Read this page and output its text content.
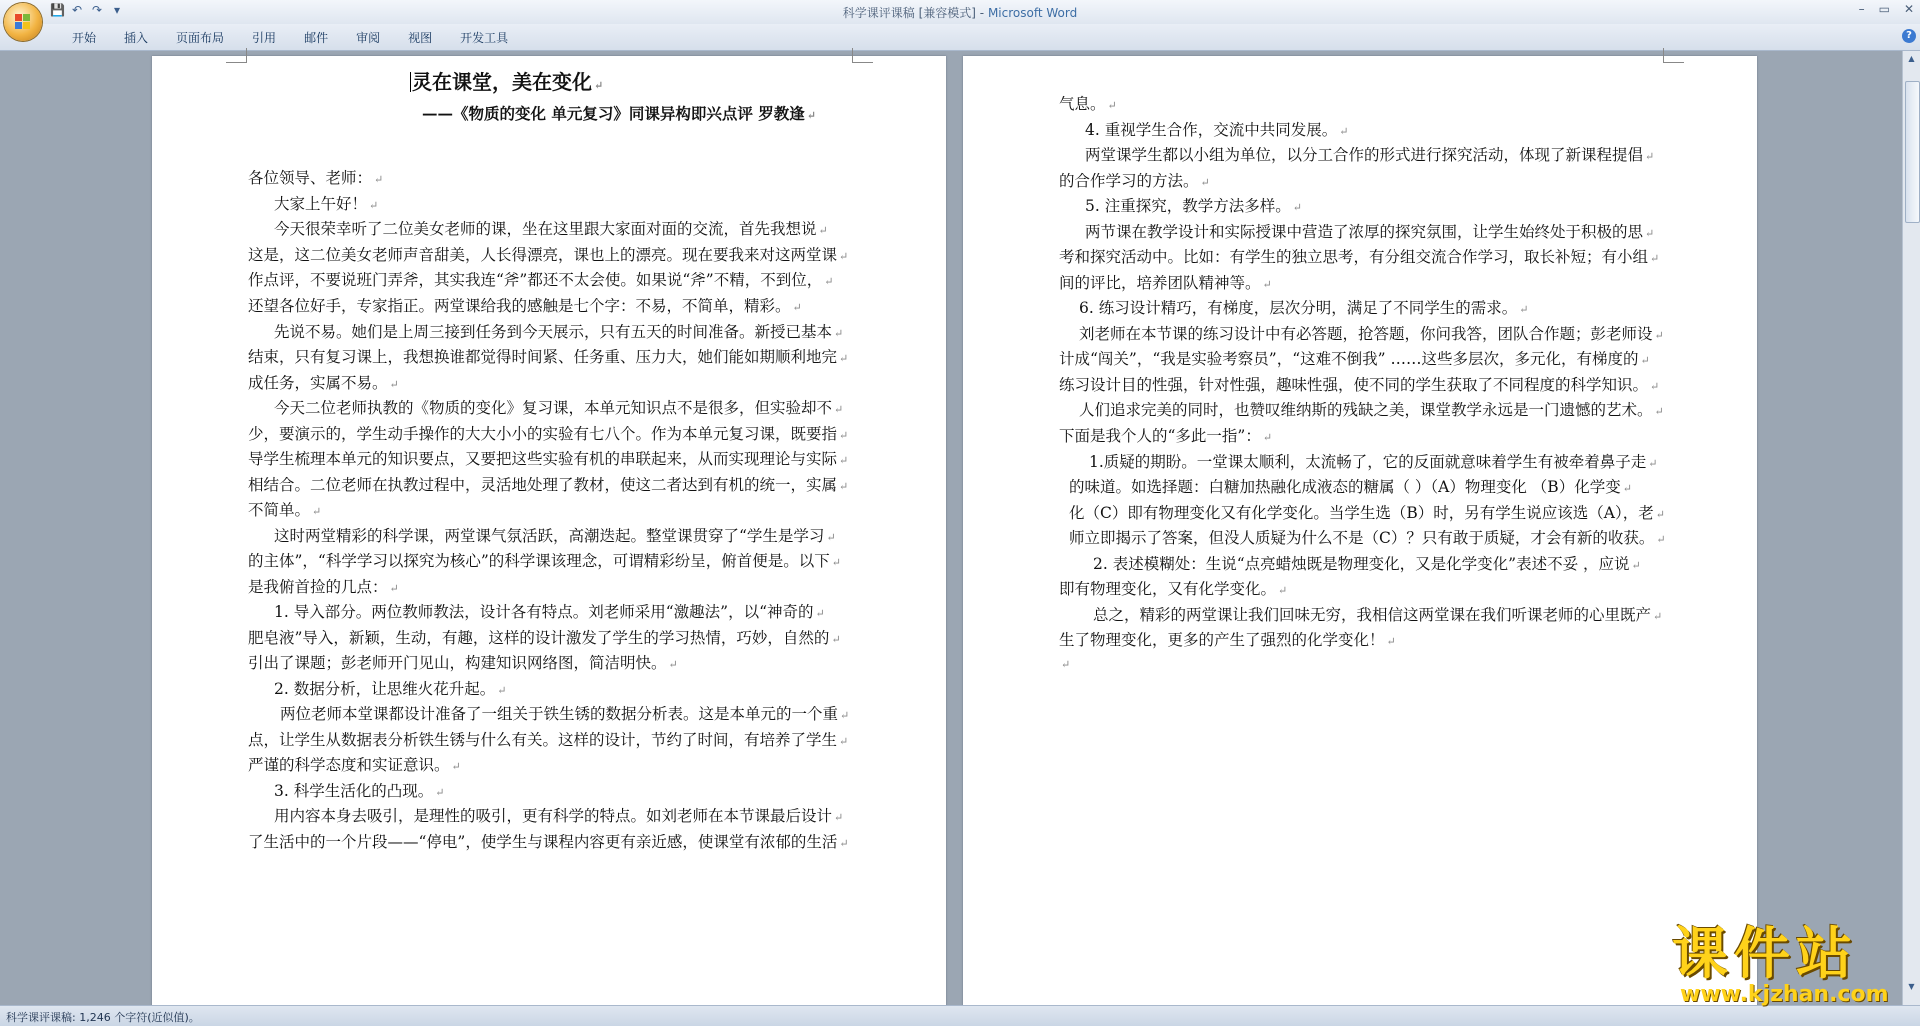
💾 ↶ ↷ ▾	科学课评课稿 [兼容模式] - Microsoft Word	– ▭ ✕
开始	插入	页面布局	引用	邮件	审阅	视图	开发工具	?
灵在课堂，美在变化 ↵
——《物质的变化 单元复习》同课异构即兴点评 罗教逢 ↵
各位领导、老师： ↵
大家上午好！ ↵
今天很荣幸听了二位美女老师的课，坐在这里跟大家面对面的交流，首先我想说 ↵
这是，这二位美女老师声音甜美，人长得漂亮，课也上的漂亮。现在要我来对这两堂课 ↵
作点评，不要说班门弄斧，其实我连“斧”都还不太会使。如果说“斧”不精，不到位， ↵
还望各位好手，专家指正。两堂课给我的感触是七个字：不易，不简单，精彩。 ↵
先说不易。她们是上周三接到任务到今天展示，只有五天的时间准备。新授已基本 ↵
结束，只有复习课上，我想换谁都觉得时间紧、任务重、压力大，她们能如期顺利地完 ↵
成任务，实属不易。 ↵
今天二位老师执教的《物质的变化》复习课，本单元知识点不是很多，但实验却不 ↵
少，要演示的，学生动手操作的大大小小的实验有七八个。作为本单元复习课，既要指 ↵
导学生梳理本单元的知识要点，又要把这些实验有机的串联起来，从而实现理论与实际 ↵
相结合。二位老师在执教过程中，灵活地处理了教材，使这二者达到有机的统一，实属 ↵
不简单。 ↵
这时两堂精彩的科学课，两堂课气氛活跃，高潮迭起。整堂课贯穿了“学生是学习 ↵
的主体”，“科学学习以探究为核心”的科学课该理念，可谓精彩纷呈，俯首便是。以下 ↵
是我俯首捡的几点： ↵
1. 导入部分。两位教师教法，设计各有特点。刘老师采用“激趣法”，以“神奇的 ↵
肥皂液”导入，新颖，生动，有趣，这样的设计激发了学生的学习热情，巧妙，自然的 ↵
引出了课题；彭老师开门见山，构建知识网络图，简洁明快。 ↵
2. 数据分析，让思维火花升起。 ↵
两位老师本堂课都设计准备了一组关于铁生锈的数据分析表。这是本单元的一个重 ↵
点，让学生从数据表分析铁生锈与什么有关。这样的设计，节约了时间，有培养了学生 ↵
严谨的科学态度和实证意识。 ↵
3. 科学生活化的凸现。 ↵
用内容本身去吸引，是理性的吸引，更有科学的特点。如刘老师在本节课最后设计 ↵
了生活中的一个片段——“停电”，使学生与课程内容更有亲近感，使课堂有浓郁的生活 ↵
气息。 ↵
4. 重视学生合作，交流中共同发展。 ↵
两堂课学生都以小组为单位，以分工合作的形式进行探究活动，体现了新课程提倡 ↵
的合作学习的方法。 ↵
5. 注重探究，教学方法多样。 ↵
两节课在教学设计和实际授课中营造了浓厚的探究氛围，让学生始终处于积极的思 ↵
考和探究活动中。比如：有学生的独立思考，有分组交流合作学习，取长补短；有小组 ↵
间的评比，培养团队精神等。 ↵
6. 练习设计精巧，有梯度，层次分明，满足了不同学生的需求。 ↵
刘老师在本节课的练习设计中有必答题，抢答题，你问我答，团队合作题；彭老师设 ↵
计成“闯关”，“我是实验考察员”，“这难不倒我” ……这些多层次，多元化，有梯度的 ↵
练习设计目的性强，针对性强，趣味性强，使不同的学生获取了不同程度的科学知识。 ↵
人们追求完美的同时，也赞叹维纳斯的残缺之美，课堂教学永远是一门遗憾的艺术。 ↵
下面是我个人的“多此一指”： ↵
1.质疑的期盼。一堂课太顺利，太流畅了，它的反面就意味着学生有被牵着鼻子走 ↵
的味道。如选择题：白糖加热融化成液态的糖属（ ）（A）物理变化 （B）化学变 ↵
化（C）即有物理变化又有化学变化。当学生选（B）时，另有学生说应该选（A），老 ↵
师立即揭示了答案，但没人质疑为什么不是（C）？只有敢于质疑，才会有新的收获。 ↵
2. 表述模糊处：生说“点亮蜡烛既是物理变化，又是化学变化”表述不妥 ，应说 ↵
即有物理变化，又有化学变化。 ↵
总之，精彩的两堂课让我们回味无穷，我相信这两堂课在我们听课老师的心里既产 ↵
生了物理变化，更多的产生了强烈的化学变化！ ↵
↵
▲
▼
科学课评课稿: 1,246 个字符(近似值)。
课件站
www.kjzhan.com
